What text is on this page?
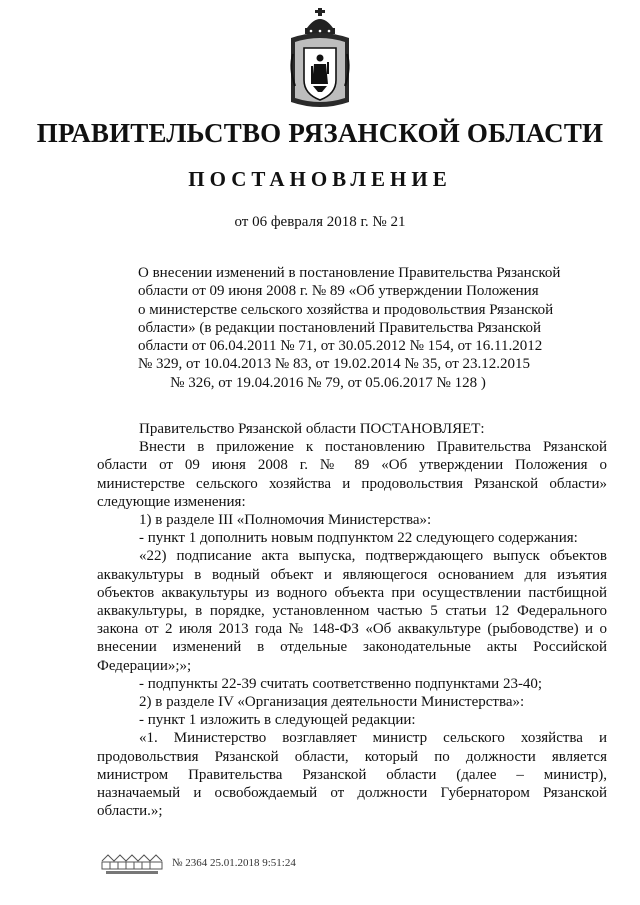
ПРАВИТЕЛЬСТВО РЯЗАНСКОЙ ОБЛАСТИ
ПОСТАНОВЛЕНИЕ
от 06 февраля 2018 г. № 21
О внесении изменений в постановление Правительства Рязанской
области от 09 июня 2008 г. № 89 «Об утверждении Положения
о министерстве сельского хозяйства и продовольствия Рязанской
области» (в редакции постановлений Правительства Рязанской
области от 06.04.2011 № 71, от 30.05.2012 № 154, от 16.11.2012
№ 329, от 10.04.2013 № 83, от 19.02.2014 № 35, от 23.12.2015
№ 326, от 19.04.2016 № 79, от 05.06.2017 № 128 )

Правительство Рязанской области ПОСТАНОВЛЯЕТ:

Внести в приложение к постановлению Правительства Рязанской

области от 09 июня 2008 г. № 89 «Об утверждении Положения о

министерстве сельского хозяйства и продовольствия Рязанской области»

следующие изменения:

1) в разделе III «Полномочия Министерства»:

- пункт 1 дополнить новым подпунктом 22 следующего содержания:

«22) подписание акта выпуска, подтверждающего выпуск объектов

аквакультуры в водный объект и являющегося основанием для изъятия

объектов аквакультуры из водного объекта при осуществлении пастбищной

аквакультуры, в порядке, установленном частью 5 статьи 12 Федерального

закона от 2 июля 2013 года № 148-ФЗ «Об аквакультуре (рыбоводстве) и о

внесении изменений в отдельные законодательные акты Российской

Федерации»;»;

- подпункты 22-39 считать соответственно подпунктами 23-40;

2) в разделе IV «Организация деятельности Министерства»:

- пункт 1 изложить в следующей редакции:

«1. Министерство возглавляет министр сельского хозяйства и

продовольствия Рязанской области, который по должности является

министром Правительства Рязанской области (далее – министр),

назначаемый и освобождаемый от должности Губернатором Рязанской

области.»;

№ 2364 25.01.2018 9:51:24
